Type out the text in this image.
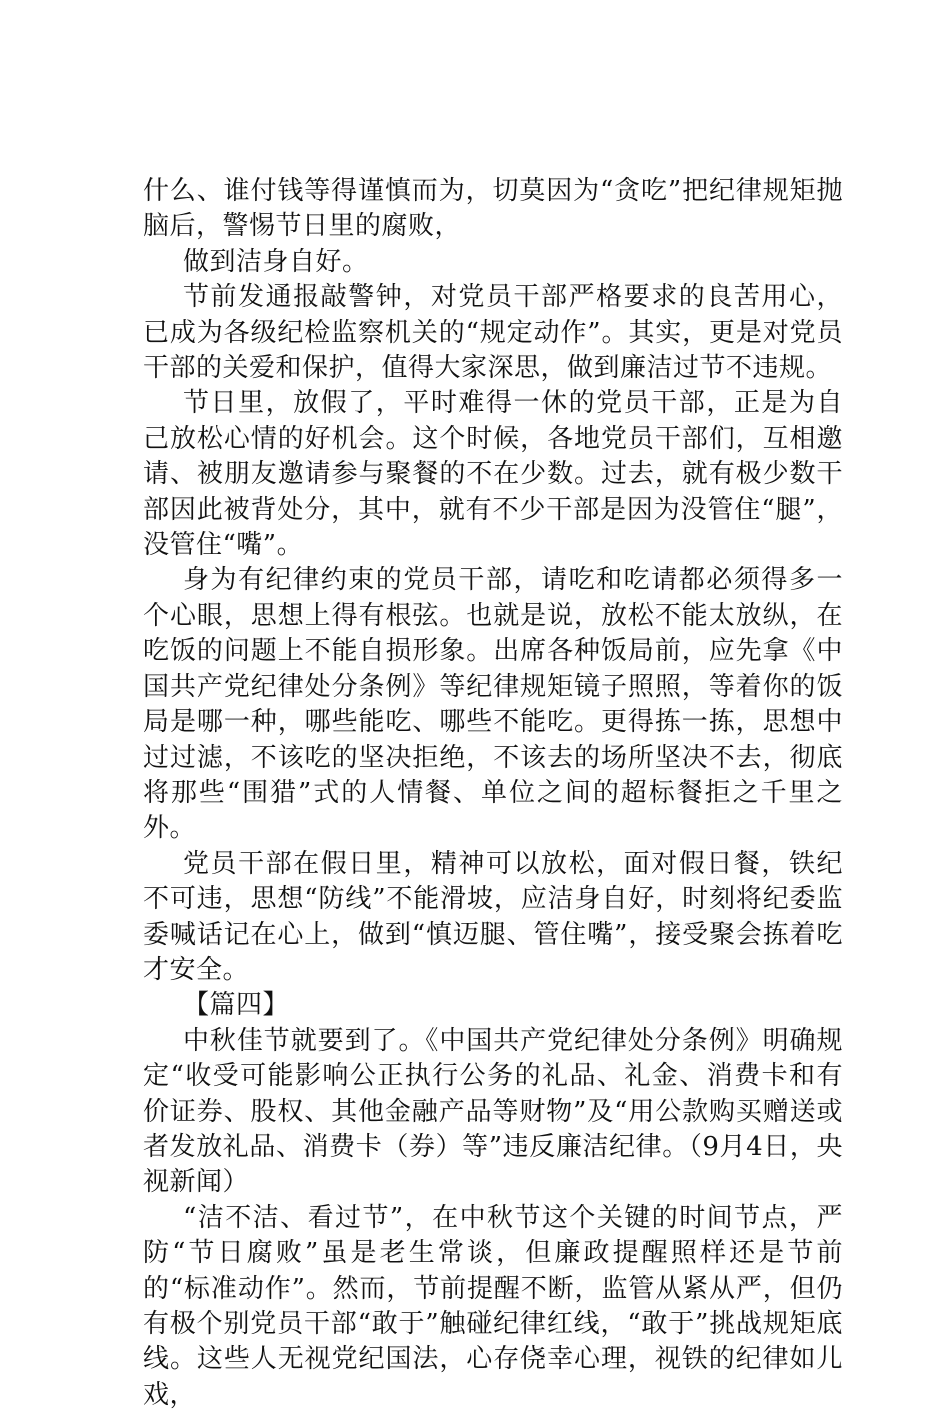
什么、谁付钱等得谨慎而为，切莫因为“贪吃”把纪律规矩抛脑后，警惕节日里的腐败，

做到洁身自好。

节前发通报敲警钟，对党员干部严格要求的良苦用心，已成为各级纪检监察机关的“规定动作”。其实，更是对党员干部的关爱和保护，值得大家深思，做到廉洁过节不违规。

节日里，放假了，平时难得一休的党员干部，正是为自己放松心情的好机会。这个时候，各地党员干部们，互相邀请、被朋友邀请参与聚餐的不在少数。过去，就有极少数干部因此被背处分，其中，就有不少干部是因为没管住“腿”，没管住“嘴”。

身为有纪律约束的党员干部，请吃和吃请都必须得多一个心眼，思想上得有根弦。也就是说，放松不能太放纵，在吃饭的问题上不能自损形象。出席各种饭局前，应先拿《中国共产党纪律处分条例》等纪律规矩镜子照照，等着你的饭局是哪一种，哪些能吃、哪些不能吃。更得拣一拣，思想中过过滤，不该吃的坚决拒绝，不该去的场所坚决不去，彻底将那些“围猎”式的人情餐、单位之间的超标餐拒之千里之外。

党员干部在假日里，精神可以放松，面对假日餐，铁纪不可违，思想“防线”不能滑坡，应洁身自好，时刻将纪委监委喊话记在心上，做到“慎迈腿、管住嘴”，接受聚会拣着吃才安全。

【篇四】

中秋佳节就要到了。《中国共产党纪律处分条例》明确规定“收受可能影响公正执行公务的礼品、礼金、消费卡和有价证券、股权、其他金融产品等财物”及“用公款购买赠送或者发放礼品、消费卡（券）等”违反廉洁纪律。（9月4日，央视新闻）

“洁不洁、看过节”，在中秋节这个关键的时间节点，严防“节日腐败”虽是老生常谈，但廉政提醒照样还是节前的“标准动作”。然而，节前提醒不断，监管从紧从严，但仍有极个别党员干部“敢于”触碰纪律红线，“敢于”挑战规矩底线。这些人无视党纪国法，心存侥幸心理，视铁的纪律如儿戏，
